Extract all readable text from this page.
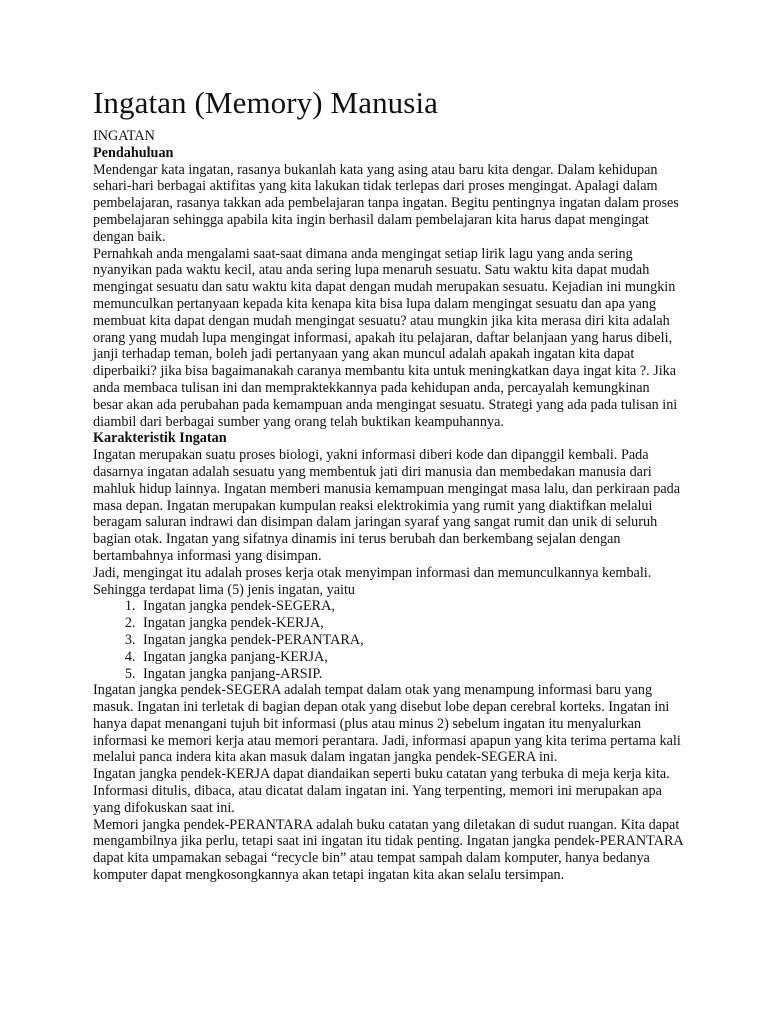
Ingatan (Memory) Manusia

INGATAN

Pendahuluan

Mendengar kata ingatan, rasanya bukanlah kata yang asing atau baru kita dengar. Dalam kehidupan sehari-hari berbagai aktifitas yang kita lakukan tidak terlepas dari proses mengingat. Apalagi dalam pembelajaran, rasanya takkan ada pembelajaran tanpa ingatan. Begitu pentingnya ingatan dalam proses pembelajaran sehingga apabila kita ingin berhasil dalam pembelajaran kita harus dapat mengingat dengan baik.

Pernahkah anda mengalami saat-saat dimana anda mengingat setiap lirik lagu yang anda sering nyanyikan pada waktu kecil, atau anda sering lupa menaruh sesuatu. Satu waktu kita dapat mudah mengingat sesuatu dan satu waktu kita dapat dengan mudah merupakan sesuatu. Kejadian ini mungkin memunculkan pertanyaan kepada kita kenapa kita bisa lupa dalam mengingat sesuatu dan apa yang membuat kita dapat dengan mudah mengingat sesuatu? atau mungkin jika kita merasa diri kita adalah orang yang mudah lupa mengingat informasi, apakah itu pelajaran, daftar belanjaan yang harus dibeli, janji terhadap teman, boleh jadi pertanyaan yang akan muncul adalah apakah ingatan kita dapat diperbaiki? jika bisa bagaimanakah caranya membantu kita untuk meningkatkan daya ingat kita ?. Jika anda membaca tulisan ini dan mempraktekkannya pada kehidupan anda, percayalah kemungkinan besar akan ada perubahan pada kemampuan anda mengingat sesuatu. Strategi yang ada pada tulisan ini diambil dari berbagai sumber yang orang telah buktikan keampuhannya.

Karakteristik Ingatan

Ingatan merupakan suatu proses biologi, yakni informasi diberi kode dan dipanggil kembali. Pada dasarnya ingatan adalah sesuatu yang membentuk jati diri manusia dan membedakan manusia dari mahluk hidup lainnya. Ingatan memberi manusia kemampuan mengingat masa lalu, dan perkiraan pada masa depan. Ingatan merupakan kumpulan reaksi elektrokimia yang rumit yang diaktifkan melalui beragam saluran indrawi dan disimpan dalam jaringan syaraf yang sangat rumit dan unik di seluruh bagian otak. Ingatan yang sifatnya dinamis ini terus berubah dan berkembang sejalan dengan bertambahnya informasi yang disimpan.

Jadi, mengingat itu adalah proses kerja otak menyimpan informasi dan memunculkannya kembali. Sehingga terdapat lima (5) jenis ingatan, yaitu

1. Ingatan jangka pendek-SEGERA,
2. Ingatan jangka pendek-KERJA,
3. Ingatan jangka pendek-PERANTARA,
4. Ingatan jangka panjang-KERJA,
5. Ingatan jangka panjang-ARSIP.

Ingatan jangka pendek-SEGERA adalah tempat dalam otak yang menampung informasi baru yang masuk. Ingatan ini terletak di bagian depan otak yang disebut lobe depan cerebral korteks. Ingatan ini hanya dapat menangani tujuh bit informasi (plus atau minus 2) sebelum ingatan itu menyalurkan informasi ke memori kerja atau memori perantara. Jadi, informasi apapun yang kita terima pertama kali melalui panca indera kita akan masuk dalam ingatan jangka pendek-SEGERA ini.

Ingatan jangka pendek-KERJA dapat diandaikan seperti buku catatan yang terbuka di meja kerja kita. Informasi ditulis, dibaca, atau dicatat dalam ingatan ini. Yang terpenting, memori ini merupakan apa yang difokuskan saat ini.

Memori jangka pendek-PERANTARA adalah buku catatan yang diletakan di sudut ruangan. Kita dapat mengambilnya jika perlu, tetapi saat ini ingatan itu tidak penting. Ingatan jangka pendek-PERANTARA dapat kita umpamakan sebagai “recycle bin” atau tempat sampah dalam komputer, hanya bedanya komputer dapat mengkosongkannya akan tetapi ingatan kita akan selalu tersimpan.
